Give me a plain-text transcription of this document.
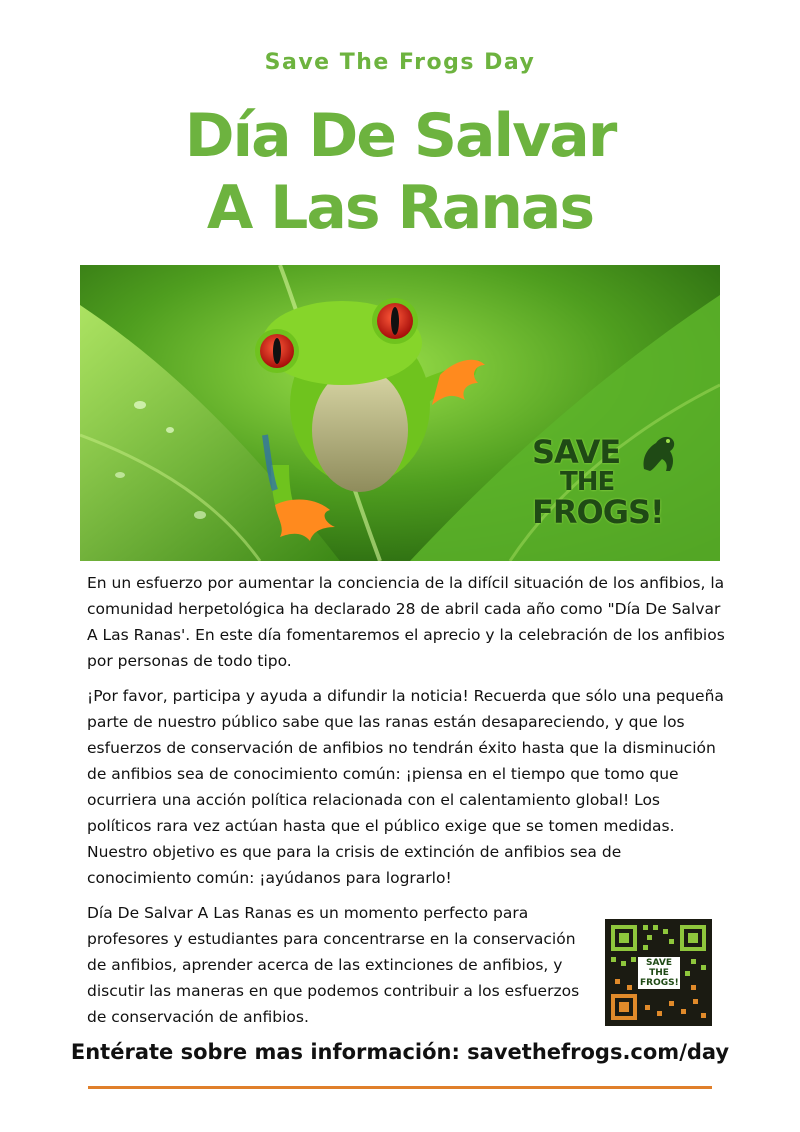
Save The Frogs Day
Día De Salvar
A Las Ranas
SAVE
THE
FROGS!

En un esfuerzo por aumentar la conciencia de la difícil situación de los anfibios, la comunidad herpetológica ha declarado 28 de abril cada año como "Día De Salvar A Las Ranas'. En este día fomentaremos el aprecio y la celebración de los anfibios por personas de todo tipo.

¡Por favor, participa y ayuda a difundir la noticia! Recuerda que sólo una pequeña parte de nuestro público sabe que las ranas están desapareciendo, y que los esfuerzos de conservación de anfibios no tendrán éxito hasta que la disminución de anfibios sea de conocimiento común: ¡piensa en el tiempo que tomo que ocurriera una acción política relacionada con el calentamiento global! Los políticos rara vez actúan hasta que el público exige que se tomen medidas. Nuestro objetivo es que para la crisis de extinción de anfibios sea de conocimiento común: ¡ayúdanos para lograrlo!

Día De Salvar A Las Ranas es un momento perfecto para profesores y estudiantes para concentrarse en la conservación de anfibios, aprender acerca de las extinciones de anfibios, y discutir las maneras en que podemos contribuir a los esfuerzos de conservación de anfibios.

SAVE
THE
FROGS!
Entérate sobre mas información: savethefrogs.com/day
